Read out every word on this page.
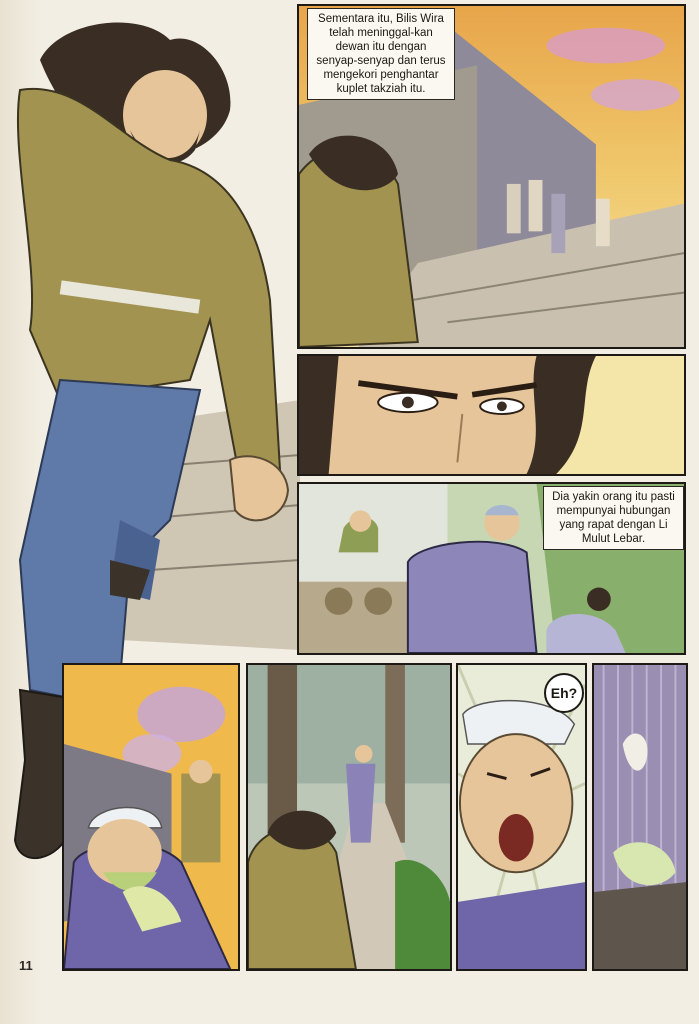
Sementara itu, Bilis Wira telah meninggal-kan dewan itu dengan senyap-senyap dan terus mengekori penghantar kuplet takziah itu.
Dia yakin orang itu pasti mempunyai hubungan yang rapat dengan Li Mulut Lebar.
Eh?
11
